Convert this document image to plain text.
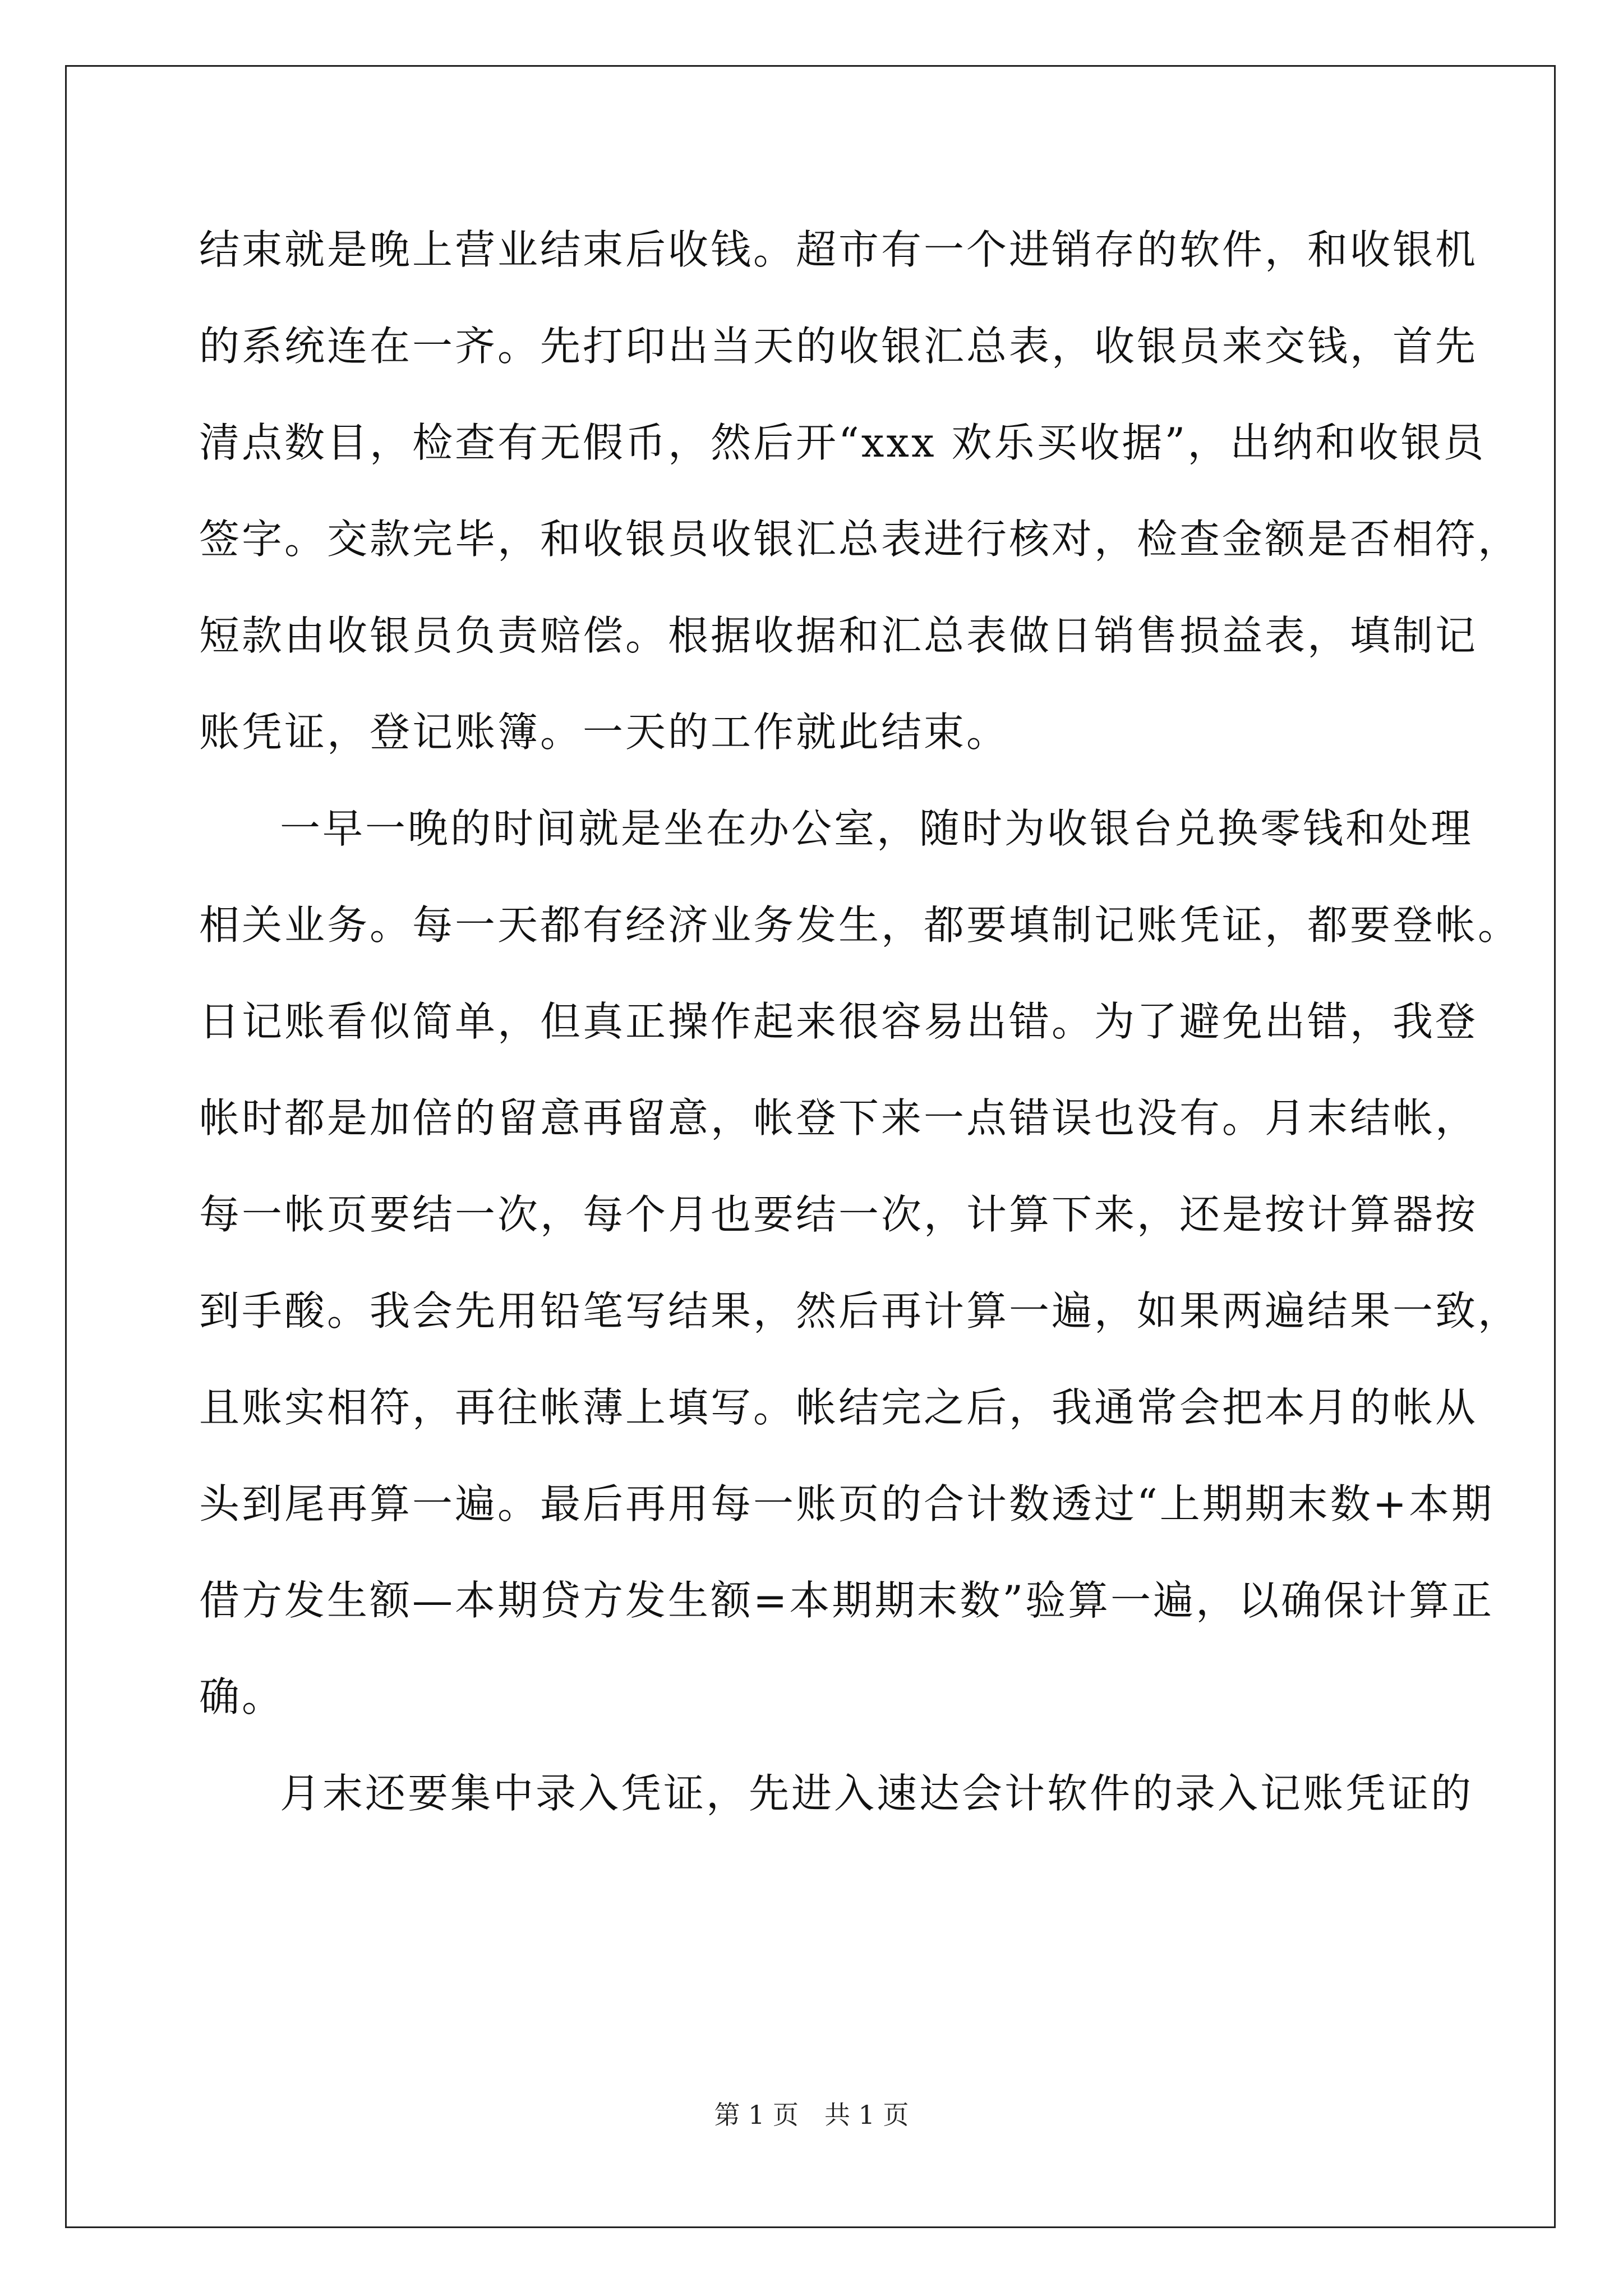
结束就是晚上营业结束后收钱。超市有一个进销存的软件，和收银机
的系统连在一齐。先打印出当天的收银汇总表，收银员来交钱，首先
清点数目，检查有无假币，然后开“xxx 欢乐买收据”，出纳和收银员
签字。交款完毕，和收银员收银汇总表进行核对，检查金额是否相符，
短款由收银员负责赔偿。根据收据和汇总表做日销售损益表，填制记
账凭证，登记账簿。一天的工作就此结束。
一早一晚的时间就是坐在办公室，随时为收银台兑换零钱和处理
相关业务。每一天都有经济业务发生，都要填制记账凭证，都要登帐。
日记账看似简单，但真正操作起来很容易出错。为了避免出错，我登
帐时都是加倍的留意再留意，帐登下来一点错误也没有。月末结帐，
每一帐页要结一次，每个月也要结一次，计算下来，还是按计算器按
到手酸。我会先用铅笔写结果，然后再计算一遍，如果两遍结果一致，
且账实相符，再往帐薄上填写。帐结完之后，我通常会把本月的帐从
头到尾再算一遍。最后再用每一账页的合计数透过“上期期末数+本期
借方发生额—本期贷方发生额=本期期末数”验算一遍，以确保计算正
确。
月末还要集中录入凭证，先进入速达会计软件的录入记账凭证的
第 1 页　共 1 页
